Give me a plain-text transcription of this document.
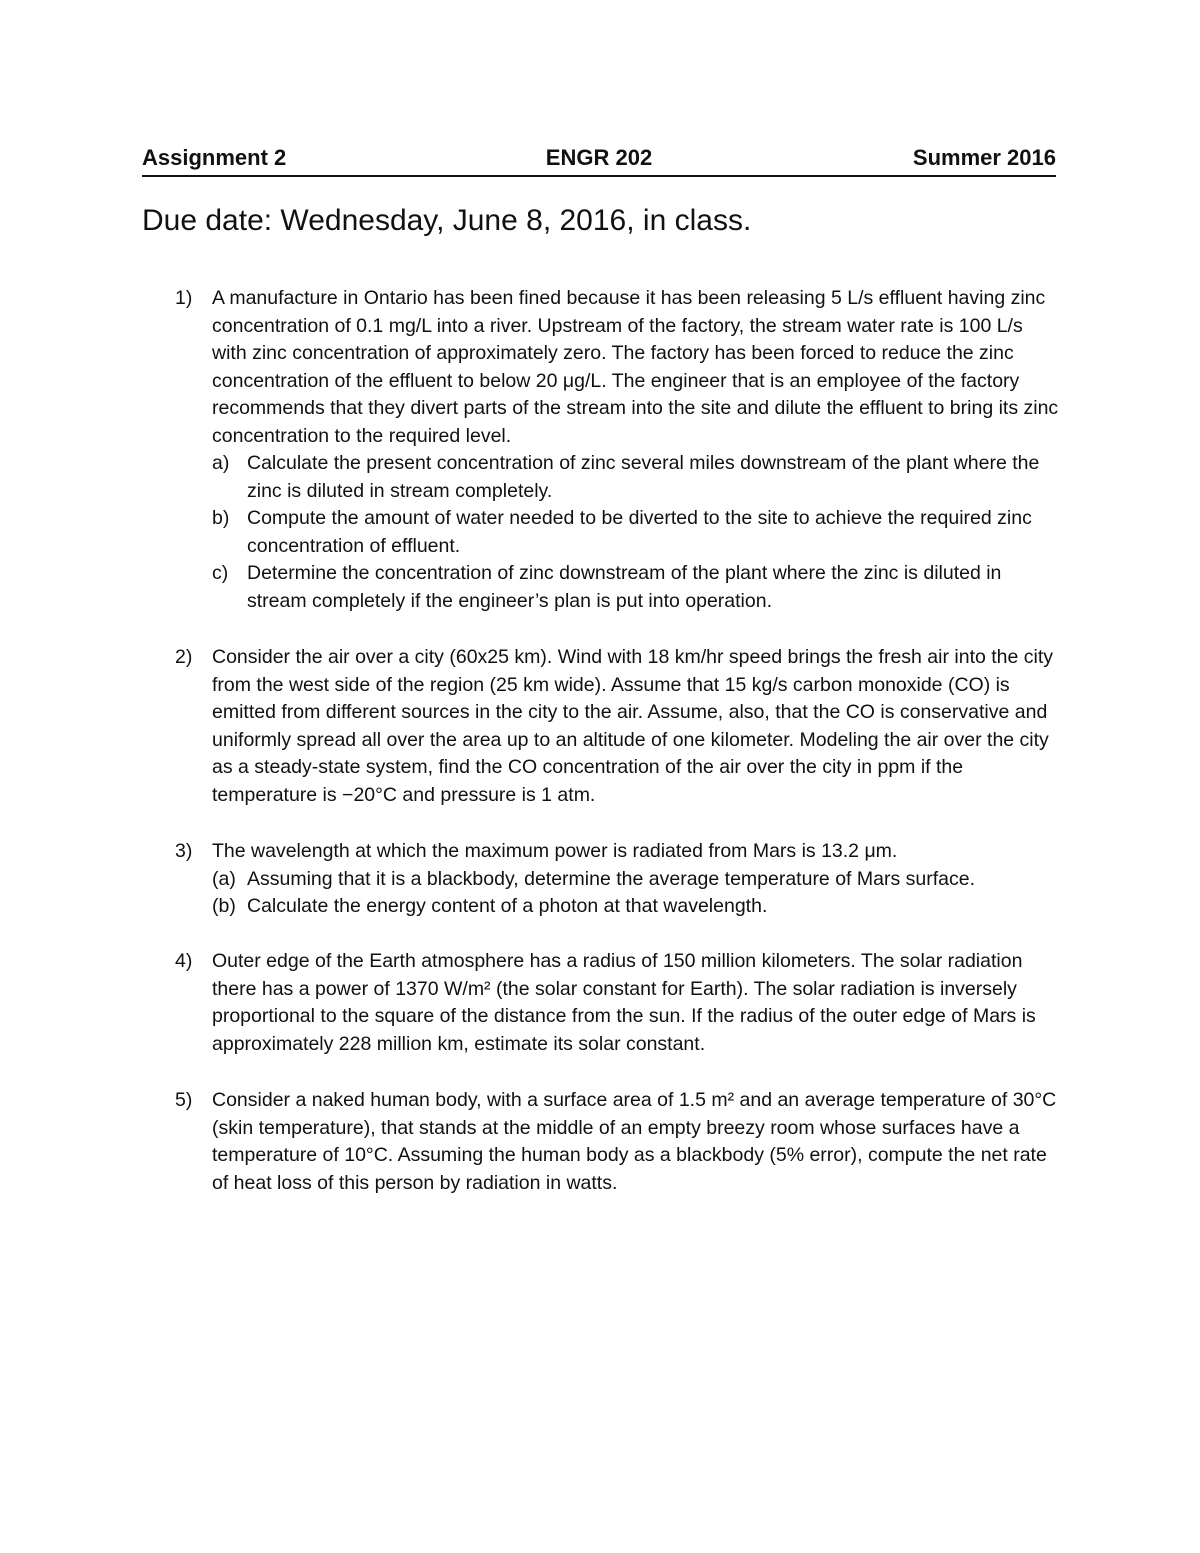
Assignment 2	ENGR 202	Summer 2016
Due date: Wednesday, June 8, 2016, in class.
1) A manufacture in Ontario has been fined because it has been releasing 5 L/s effluent having zinc concentration of 0.1 mg/L into a river. Upstream of the factory, the stream water rate is 100 L/s with zinc concentration of approximately zero. The factory has been forced to reduce the zinc concentration of the effluent to below 20 μg/L. The engineer that is an employee of the factory recommends that they divert parts of the stream into the site and dilute the effluent to bring its zinc concentration to the required level.
a) Calculate the present concentration of zinc several miles downstream of the plant where the zinc is diluted in stream completely.
b) Compute the amount of water needed to be diverted to the site to achieve the required zinc concentration of effluent.
c) Determine the concentration of zinc downstream of the plant where the zinc is diluted in stream completely if the engineer’s plan is put into operation.
2) Consider the air over a city (60x25 km). Wind with 18 km/hr speed brings the fresh air into the city from the west side of the region (25 km wide). Assume that 15 kg/s carbon monoxide (CO) is emitted from different sources in the city to the air. Assume, also, that the CO is conservative and uniformly spread all over the area up to an altitude of one kilometer. Modeling the air over the city as a steady-state system, find the CO concentration of the air over the city in ppm if the temperature is −20°C and pressure is 1 atm.
3) The wavelength at which the maximum power is radiated from Mars is 13.2 μm.
(a) Assuming that it is a blackbody, determine the average temperature of Mars surface.
(b) Calculate the energy content of a photon at that wavelength.
4) Outer edge of the Earth atmosphere has a radius of 150 million kilometers. The solar radiation there has a power of 1370 W/m² (the solar constant for Earth). The solar radiation is inversely proportional to the square of the distance from the sun. If the radius of the outer edge of Mars is approximately 228 million km, estimate its solar constant.
5) Consider a naked human body, with a surface area of 1.5 m² and an average temperature of 30°C (skin temperature), that stands at the middle of an empty breezy room whose surfaces have a temperature of 10°C. Assuming the human body as a blackbody (5% error), compute the net rate of heat loss of this person by radiation in watts.
